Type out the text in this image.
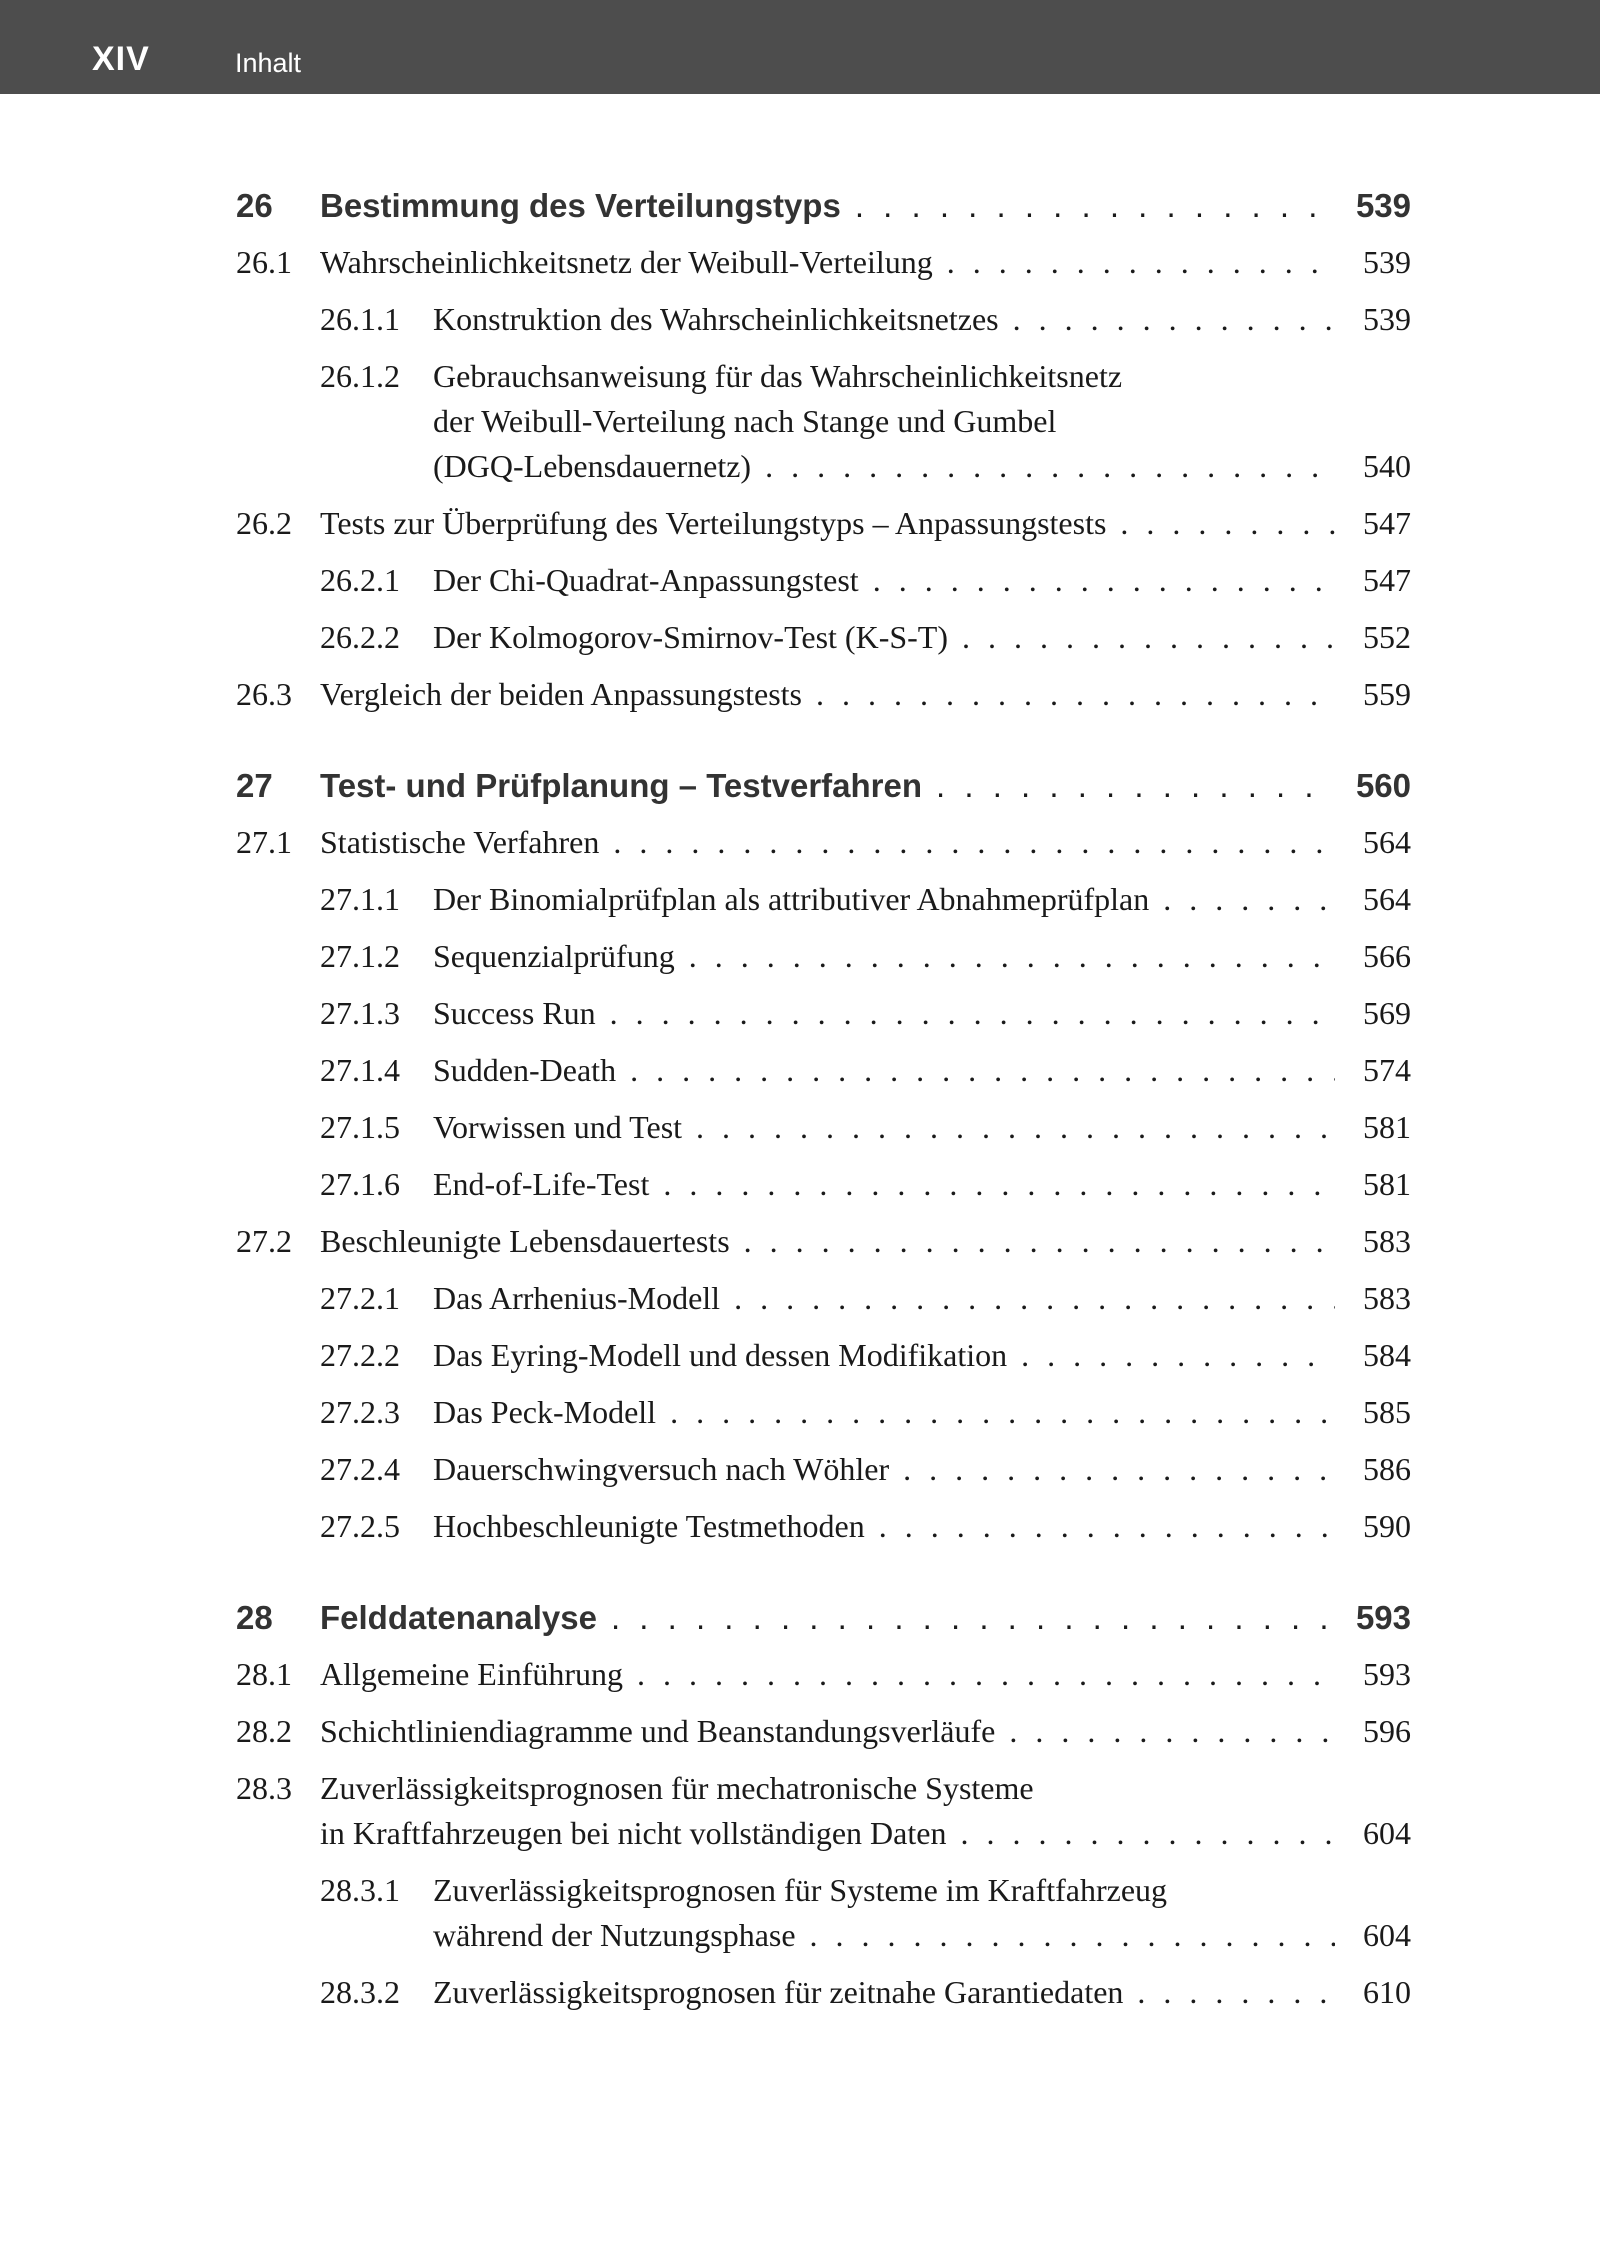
XIV	Inhalt
26 Bestimmung des Verteilungstyps . . .	539
26.1 Wahrscheinlichkeitsnetz der Weibull-Verteilung . . .	539
26.1.1 Konstruktion des Wahrscheinlichkeitsnetzes . . .	539
26.1.2 Gebrauchsanweisung für das Wahrscheinlichkeitsnetz
der Weibull-Verteilung nach Stange und Gumbel
(DGQ-Lebensdauernetz) . . .	540
26.2 Tests zur Überprüfung des Verteilungstyps – Anpassungstests . . .	547
26.2.1 Der Chi-Quadrat-Anpassungstest . . .	547
26.2.2 Der Kolmogorov-Smirnov-Test (K-S-T) . . .	552
26.3 Vergleich der beiden Anpassungstests . . .	559
27 Test- und Prüfplanung – Testverfahren . . .	560
27.1 Statistische Verfahren . . .	564
27.1.1 Der Binomialprüfplan als attributiver Abnahmeprüfplan . . .	564
27.1.2 Sequenzialprüfung . . .	566
27.1.3 Success Run . . .	569
27.1.4 Sudden-Death . . .	574
27.1.5 Vorwissen und Test . . .	581
27.1.6 End-of-Life-Test . . .	581
27.2 Beschleunigte Lebensdauertests . . .	583
27.2.1 Das Arrhenius-Modell . . .	583
27.2.2 Das Eyring-Modell und dessen Modifikation . . .	584
27.2.3 Das Peck-Modell . . .	585
27.2.4 Dauerschwingversuch nach Wöhler . . .	586
27.2.5 Hochbeschleunigte Testmethoden . . .	590
28 Felddatenanalyse . . .	593
28.1 Allgemeine Einführung . . .	593
28.2 Schichtliniendiagramme und Beanstandungsverläufe . . .	596
28.3 Zuverlässigkeitsprognosen für mechatronische Systeme
in Kraftfahrzeugen bei nicht vollständigen Daten . . .	604
28.3.1 Zuverlässigkeitsprognosen für Systeme im Kraftfahrzeug
während der Nutzungsphase . . .	604
28.3.2 Zuverlässigkeitsprognosen für zeitnahe Garantiedaten . . .	610
